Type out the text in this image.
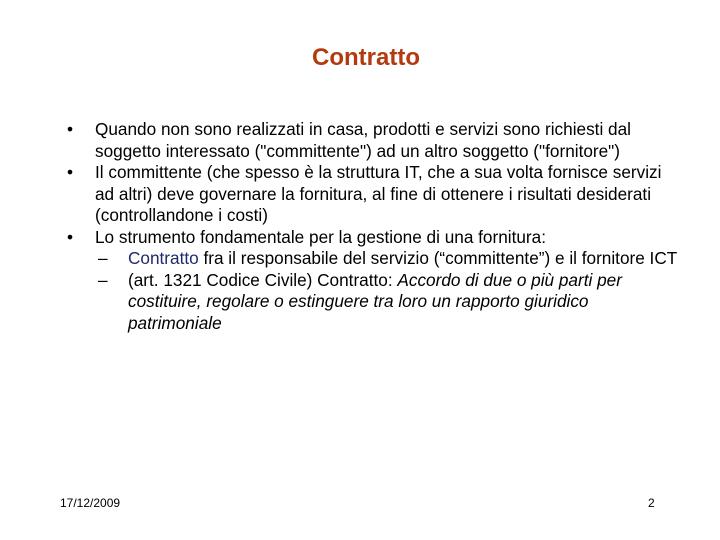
Contratto
• Quando non sono realizzati in casa, prodotti e servizi sono richiesti dal soggetto interessato ("committente") ad un altro soggetto ("fornitore")
• Il committente (che spesso è la struttura IT, che a sua volta fornisce servizi ad altri) deve governare la fornitura, al fine di ottenere i risultati desiderati (controllandone i costi)
• Lo strumento fondamentale per la gestione di una fornitura:
– Contratto fra il responsabile del servizio (“committente”) e il fornitore ICT
– (art. 1321 Codice Civile) Contratto: Accordo di due o più parti per costituire, regolare o estinguere tra loro un rapporto giuridico patrimoniale
17/12/2009	2
